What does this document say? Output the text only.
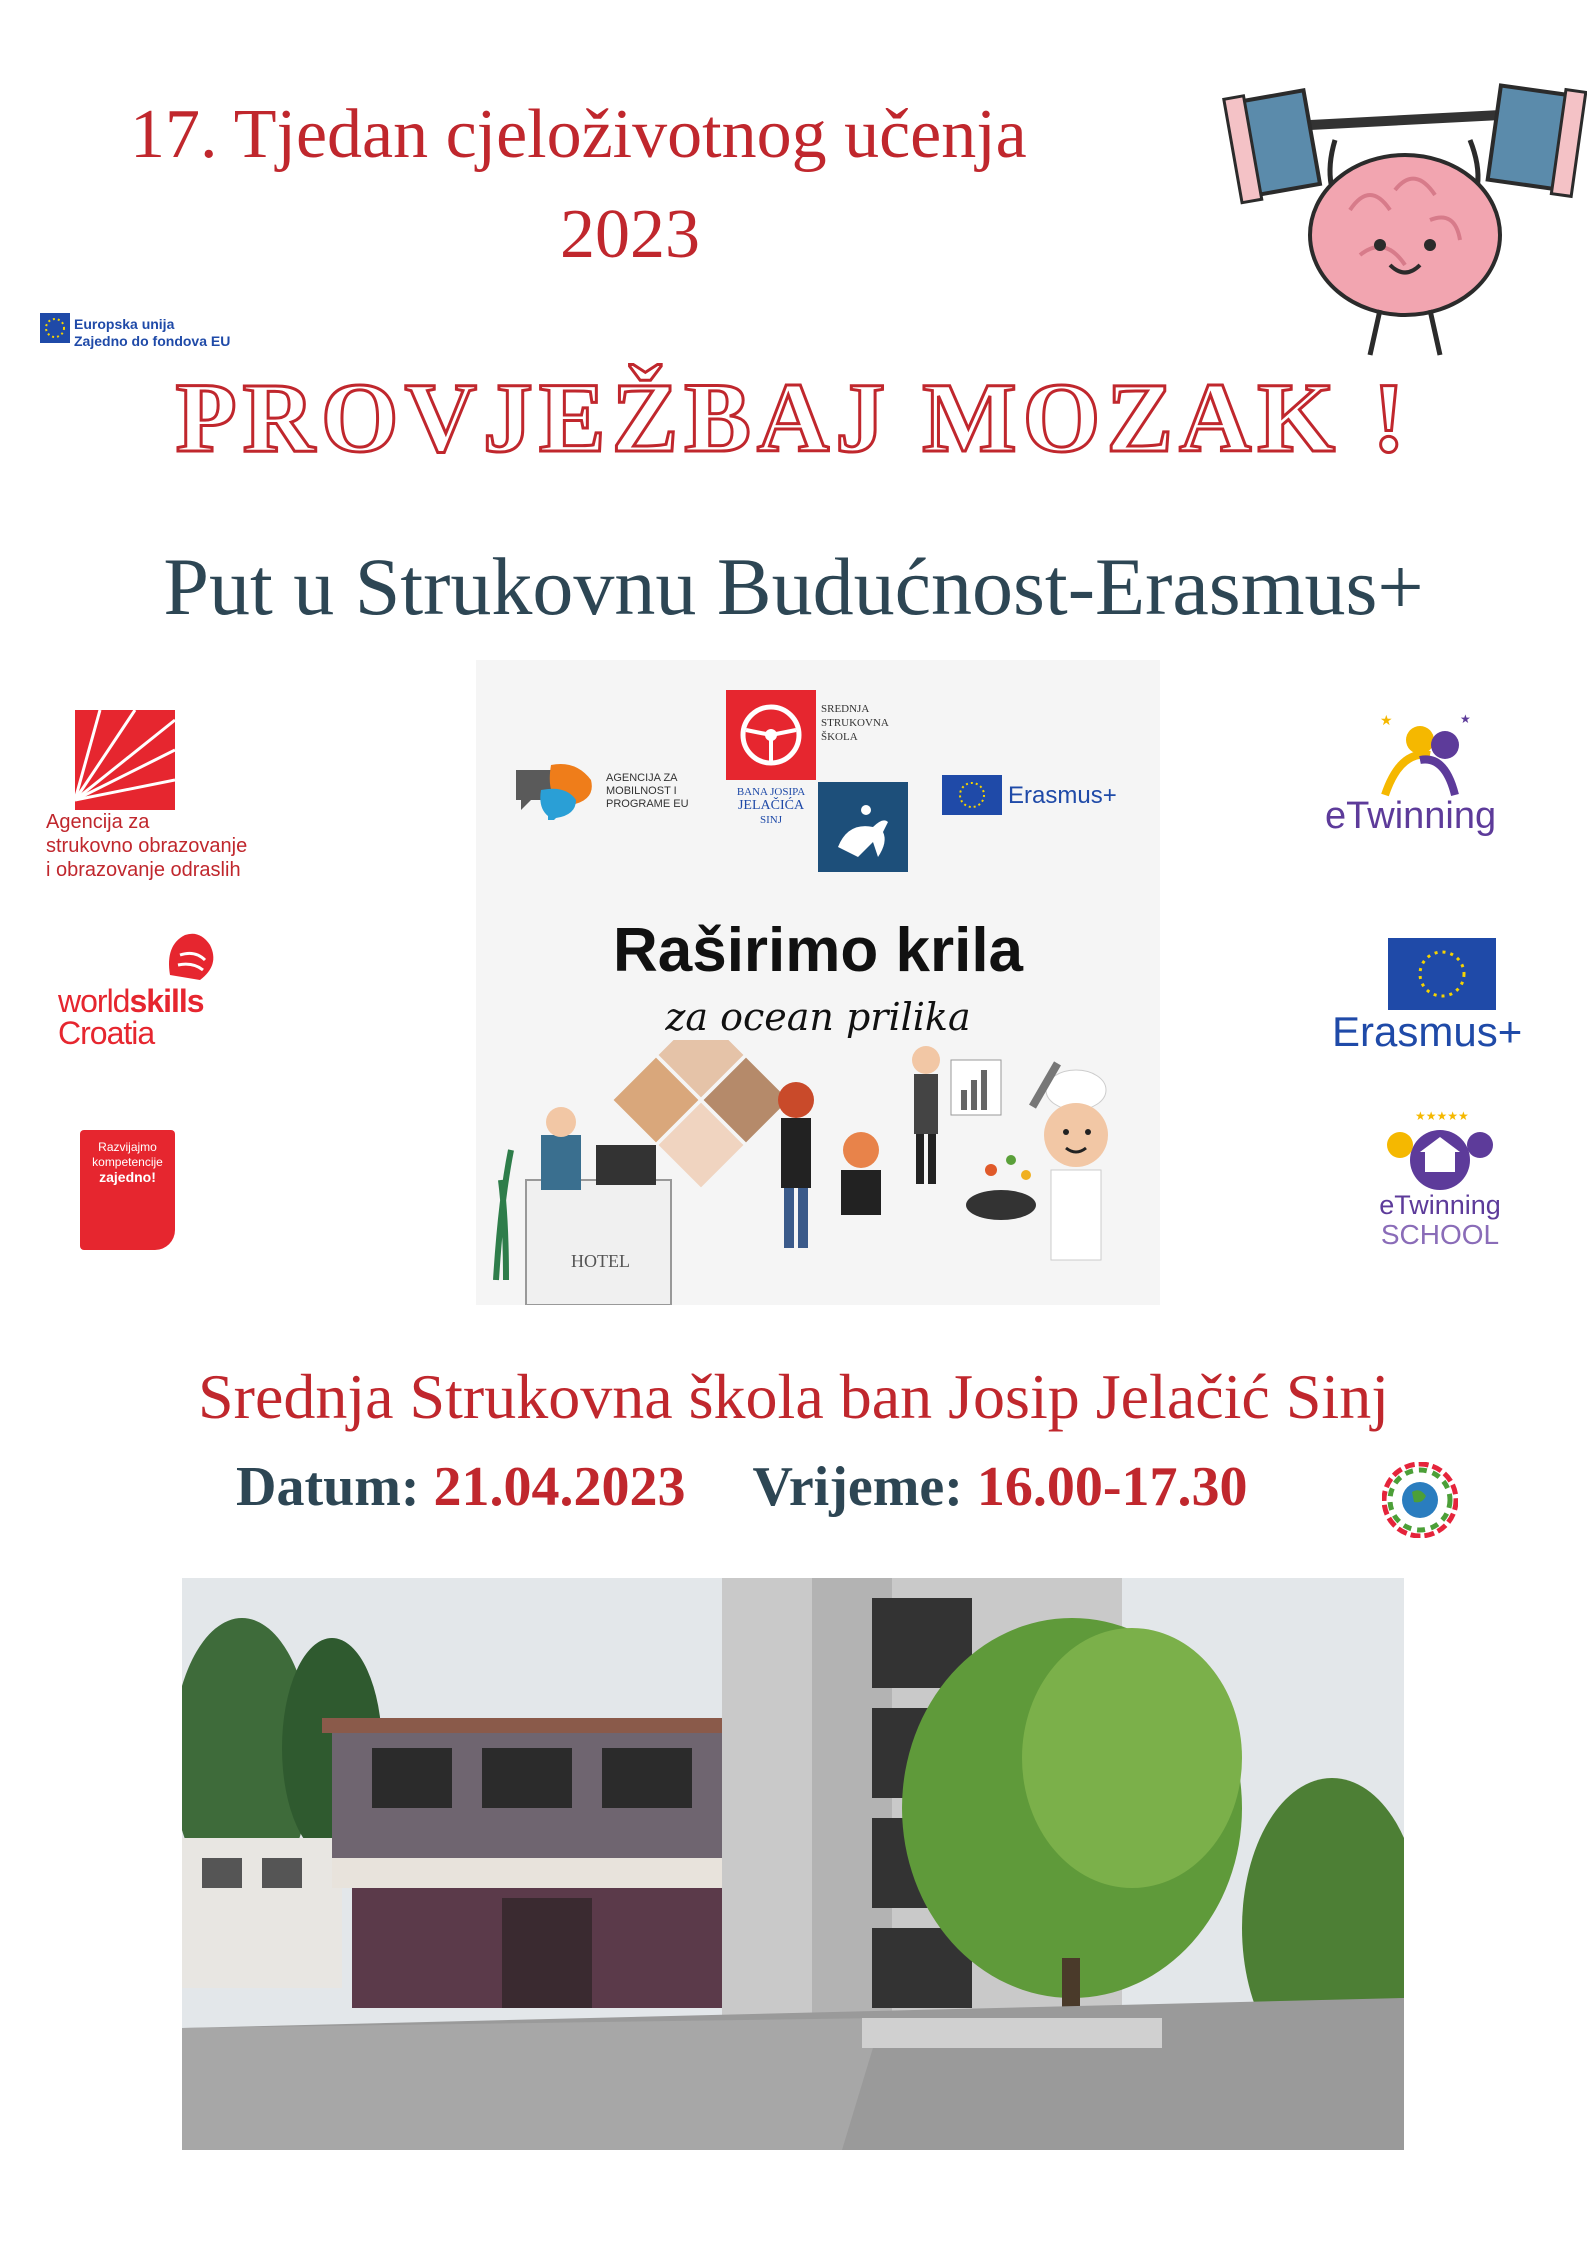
17. Tjedan cjeloživotnog učenja
2023
Europska unija
Zajedno do fondova EU
PROVJEŽBAJ MOZAK !
Put u Strukovnu Budućnost-Erasmus+
Agencija za
strukovno obrazovanje
i obrazovanje odraslih
worldskills
Croatia
Razvijajmo
kompetencije
zajedno!
AGENCIJA ZA
MOBILNOST I
PROGRAME EU
SREDNJA
STRUKOVNA
ŠKOLA
BANA JOSIPA
JELAČIĆA
SINJ
Erasmus+
Raširimo krila
za ocean prilika
HOTEL
★	★
eTwinning
Erasmus+
★★★★★
eTwinning
SCHOOL
Srednja Strukovna škola ban Josip Jelačić Sinj
Datum: 21.04.2023 Vrijeme: 16.00-17.30
